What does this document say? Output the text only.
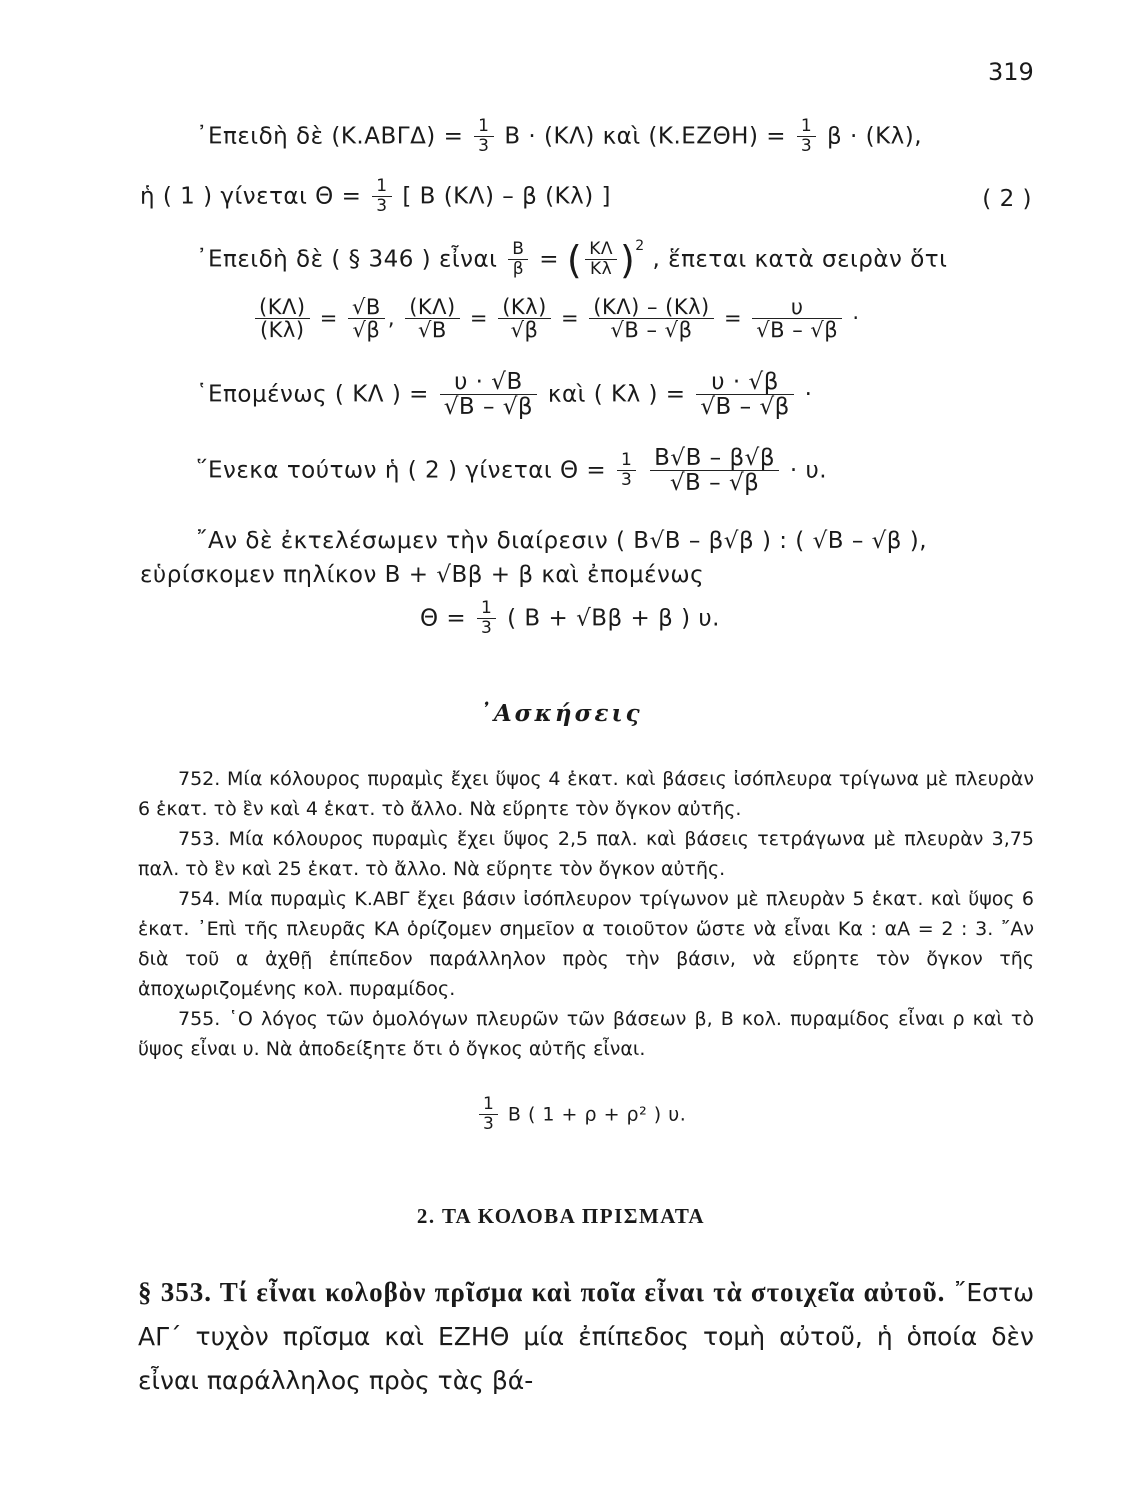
319
᾿Επειδὴ δὲ $(K.AB\Gamma\Delta) = \frac{1}{3}$ Β · (ΚΛ) καὶ $(K.EZ\Theta H) = \frac{1}{3}$ β · (Κλ),
ἡ ( 1 ) γίνεται $\Theta = \frac{1}{3}$ [ Β (ΚΛ) – β (Κλ) ]	( 2 )
᾿Επειδὴ δὲ ( § 346 ) εἶναι $\frac{B}{\beta}$ = ( $\frac{K\Lambda}{K\lambda} )^2$ , ἕπεται κατὰ σειρὰν ὅτι
$\frac{(K\Lambda)}{(K\lambda)} = \frac{√B}{√\beta}$ , $\frac{(K\Lambda)}{√B} = \frac{(K\lambda)}{√\beta} = \frac{(K\Lambda) - (K\lambda)}{√B - √\beta} = \frac{\upsilon}{√B - √\beta}$ ·
῾Επομένως ( ΚΛ ) = $\frac{\upsilon \cdot √B}{√B - √\beta}$ καὶ ( Κλ ) = $\frac{\upsilon \cdot √\beta}{√B - √\beta}$ ·
῞Ενεκα τούτων ἡ ( 2 ) γίνεται $\Theta = \frac{1}{3}$
$\frac{B√B - \beta√\beta}{√B - √\beta} \cdot \upsilon$.
῎Αν δὲ ἐκτελέσωμεν τὴν διαίρεσιν ( Β√Β – β√β ) : ( √Β – √β ),
εὑρίσκομεν πηλίκον Β + √Ββ + β καὶ ἐπομένως
$\Theta = \frac{1}{3}$ ( Β + √Ββ + β ) υ.
᾿Ασκήσεις

752. Μία κόλουρος πυραμὶς ἔχει ὕψος 4 ἑκατ. καὶ βάσεις ἰσόπλευρα τρίγωνα μὲ πλευρὰν 6 ἑκατ. τὸ ἓν καὶ 4 ἑκατ. τὸ ἄλλο. Νὰ εὕρητε τὸν ὄγκον αὐτῆς.

753. Μία κόλουρος πυραμὶς ἔχει ὕψος 2,5 παλ. καὶ βάσεις τετράγωνα μὲ πλευρὰν 3,75 παλ. τὸ ἓν καὶ 25 ἑκατ. τὸ ἄλλο. Νὰ εὕρητε τὸν ὄγκον αὐτῆς.

754. Μία πυραμὶς Κ.ΑΒΓ ἔχει βάσιν ἰσόπλευρον τρίγωνον μὲ πλευρὰν 5 ἑκατ. καὶ ὕψος 6 ἑκατ. ᾿Επὶ τῆς πλευρᾶς ΚΑ ὁρίζομεν σημεῖον α τοιοῦτον ὥστε νὰ εἶναι Κα : αΑ = 2 : 3. ῎Αν διὰ τοῦ α ἀχθῇ ἐπίπεδον παράλληλον πρὸς τὴν βάσιν, νὰ εὕρητε τὸν ὄγκον τῆς ἀποχωριζομένης κολ. πυραμίδος.

755. ῾Ο λόγος τῶν ὁμολόγων πλευρῶν τῶν βάσεων β, Β κολ. πυραμίδος εἶναι ρ καὶ τὸ ὕψος εἶναι υ. Νὰ ἀποδείξητε ὅτι ὁ ὄγκος αὐτῆς εἶναι.

$\frac{1}{3}$ Β ( 1 + ρ + ρ² ) υ.
2. ΤΑ ΚΟΛΟΒΑ ΠΡΙΣΜΑΤΑ
§ 353. Τί εἶναι κολοβὸν πρῖσμα καὶ ποῖα εἶναι τὰ στοιχεῖα αὐτοῦ. ῎Εστω ΑΓ΄ τυχὸν πρῖσμα καὶ ΕΖΗΘ μία ἐπίπεδος τομὴ αὐτοῦ, ἡ ὁποία δὲν εἶναι παράλληλος πρὸς τὰς βά-
